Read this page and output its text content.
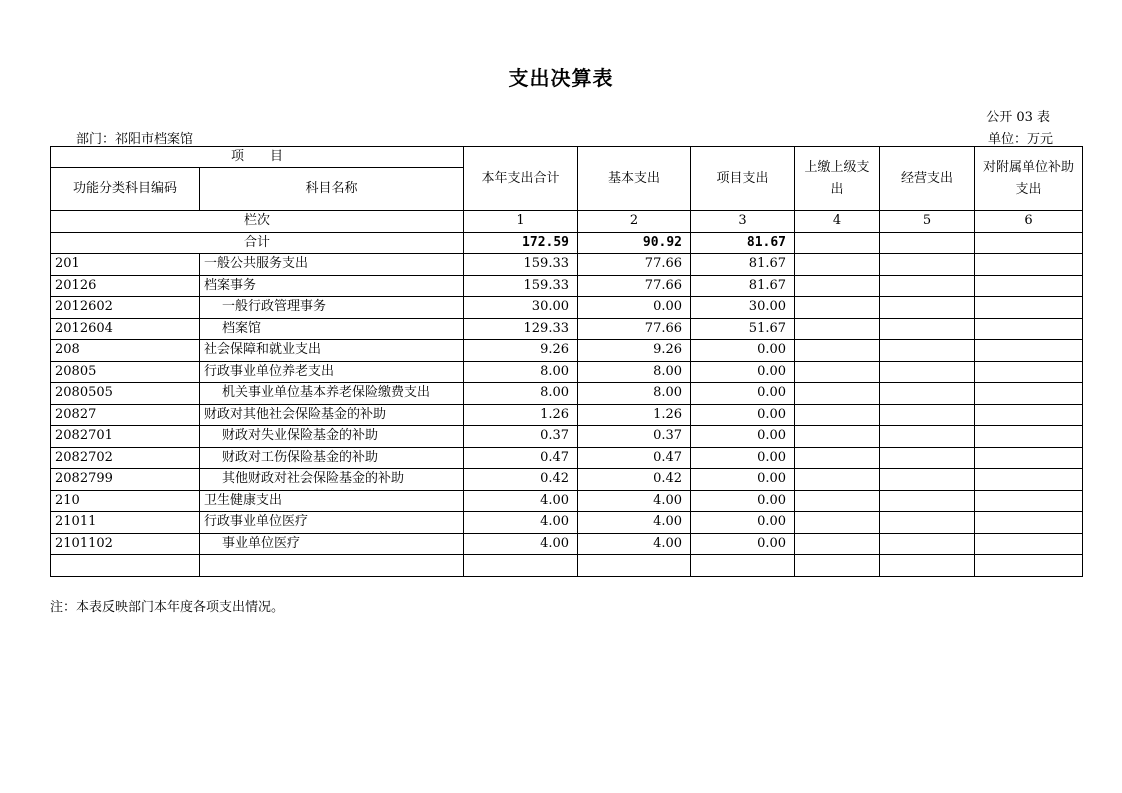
支出决算表
公开 03 表
部门：祁阳市档案馆	单位：万元
项　　目		本年支出合计	基本支出	项目支出	上缴上级支出	经营支出	对附属单位补助支出
功能分类科目编码	科目名称						
栏次		1	2	3	4	5	6
合计		172.59	90.92	81.67			
201	一般公共服务支出	159.33	77.66	81.67			
20126	档案事务	159.33	77.66	81.67			
2012602	一般行政管理事务	30.00	0.00	30.00			
2012604	档案馆	129.33	77.66	51.67			
208	社会保障和就业支出	9.26	9.26	0.00			
20805	行政事业单位养老支出	8.00	8.00	0.00			
2080505	机关事业单位基本养老保险缴费支出	8.00	8.00	0.00			
20827	财政对其他社会保险基金的补助	1.26	1.26	0.00			
2082701	财政对失业保险基金的补助	0.37	0.37	0.00			
2082702	财政对工伤保险基金的补助	0.47	0.47	0.00			
2082799	其他财政对社会保险基金的补助	0.42	0.42	0.00			
210	卫生健康支出	4.00	4.00	0.00			
21011	行政事业单位医疗	4.00	4.00	0.00			
2101102	事业单位医疗	4.00	4.00	0.00			

注：本表反映部门本年度各项支出情况。
